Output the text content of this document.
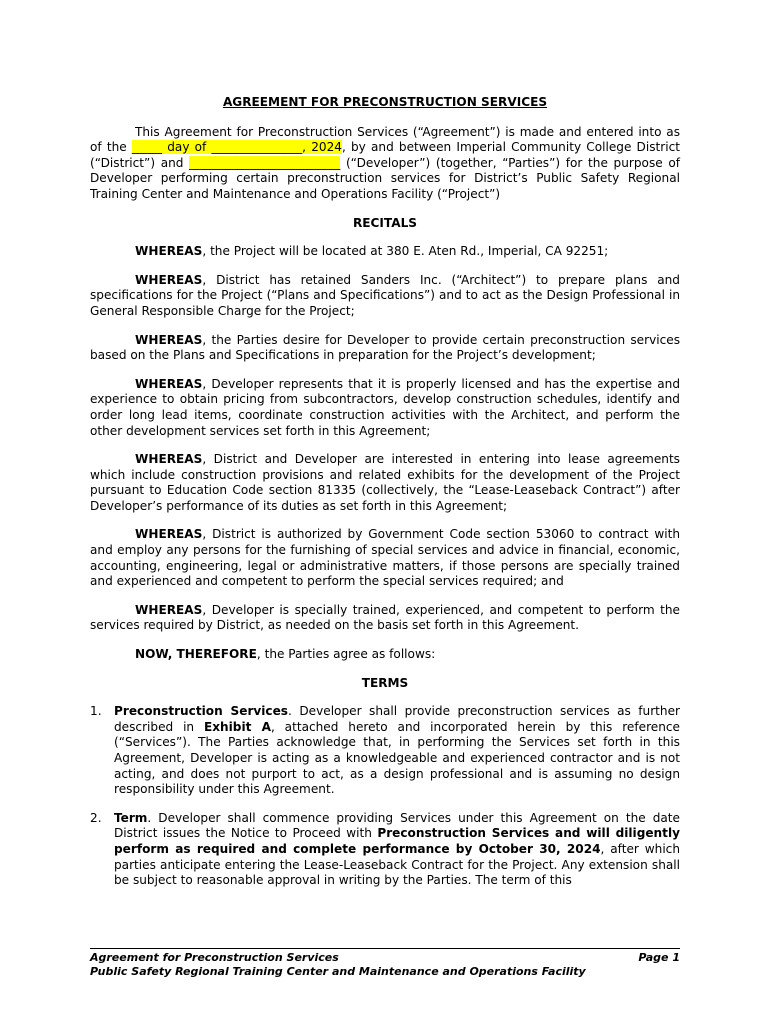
AGREEMENT FOR PRECONSTRUCTION SERVICES

This Agreement for Preconstruction Services (“Agreement”) is made and entered into as of the _____ day of _______________, 2024, by and between Imperial Community College District (“District”) and _________________________ (“Developer”) (together, “Parties”) for the purpose of Developer performing certain preconstruction services for District’s Public Safety Regional Training Center and Maintenance and Operations Facility (“Project”)

RECITALS

WHEREAS, the Project will be located at 380 E. Aten Rd., Imperial, CA 92251;

WHEREAS, District has retained Sanders Inc. (“Architect”) to prepare plans and specifications for the Project (“Plans and Specifications”) and to act as the Design Professional in General Responsible Charge for the Project;

WHEREAS, the Parties desire for Developer to provide certain preconstruction services based on the Plans and Specifications in preparation for the Project’s development;

WHEREAS, Developer represents that it is properly licensed and has the expertise and experience to obtain pricing from subcontractors, develop construction schedules, identify and order long lead items, coordinate construction activities with the Architect, and perform the other development services set forth in this Agreement;

WHEREAS, District and Developer are interested in entering into lease agreements which include construction provisions and related exhibits for the development of the Project pursuant to Education Code section 81335 (collectively, the “Lease-Leaseback Contract”) after Developer’s performance of its duties as set forth in this Agreement;

WHEREAS, District is authorized by Government Code section 53060 to contract with and employ any persons for the furnishing of special services and advice in financial, economic, accounting, engineering, legal or administrative matters, if those persons are specially trained and experienced and competent to perform the special services required; and

WHEREAS, Developer is specially trained, experienced, and competent to perform the services required by District, as needed on the basis set forth in this Agreement.

NOW, THEREFORE, the Parties agree as follows:

TERMS
1. Preconstruction Services. Developer shall provide preconstruction services as further described in Exhibit A, attached hereto and incorporated herein by this reference (“Services”). The Parties acknowledge that, in performing the Services set forth in this Agreement, Developer is acting as a knowledgeable and experienced contractor and is not acting, and does not purport to act, as a design professional and is assuming no design responsibility under this Agreement.
2. Term. Developer shall commence providing Services under this Agreement on the date District issues the Notice to Proceed with Preconstruction Services and will diligently perform as required and complete performance by October 30, 2024, after which parties anticipate entering the Lease-Leaseback Contract for the Project. Any extension shall be subject to reasonable approval in writing by the Parties. The term of this
Agreement for Preconstruction Services	Page 1
Public Safety Regional Training Center and Maintenance and Operations Facility
